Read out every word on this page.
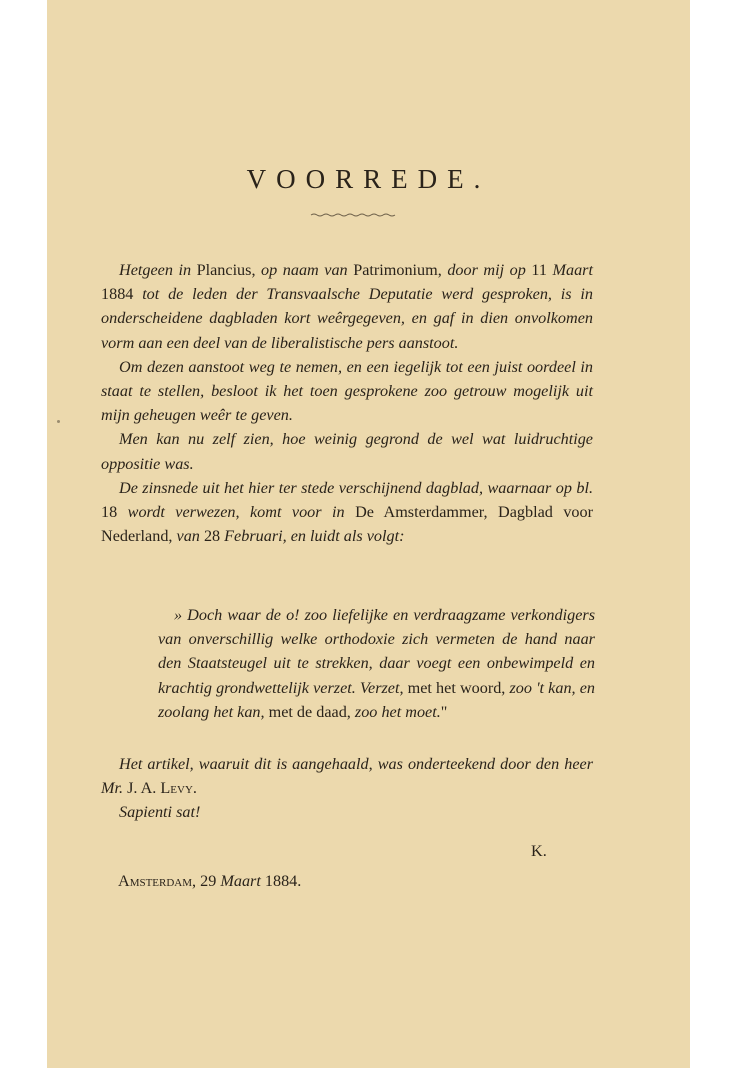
VOORREDE.

Hetgeen in Plancius, op naam van Patrimonium, door mij op 11 Maart 1884 tot de leden der Transvaalsche Deputatie werd gesproken, is in onderscheidene dagbladen kort weêrgegeven, en gaf in dien onvolkomen vorm aan een deel van de liberalistische pers aanstoot.

Om dezen aanstoot weg te nemen, en een iegelijk tot een juist oordeel in staat te stellen, besloot ik het toen gesprokene zoo getrouw mogelijk uit mijn geheugen weêr te geven.

Men kan nu zelf zien, hoe weinig gegrond de wel wat luidruchtige oppositie was.

De zinsnede uit het hier ter stede verschijnend dagblad, waarnaar op bl. 18 wordt verwezen, komt voor in De Amsterdammer, Dagblad voor Nederland, van 28 Februari, en luidt als volgt:

» Doch waar de o! zoo liefelijke en verdraagzame verkondigers van onverschillig welke orthodoxie zich vermeten de hand naar den Staatsteugel uit te strekken, daar voegt een onbewimpeld en krachtig grondwettelijk verzet. Verzet, met het woord, zoo 't kan, en zoolang het kan, met de daad, zoo het moet."

Het artikel, waaruit dit is aangehaald, was onderteekend door den heer Mr. J. A. Levy.

Sapienti sat!

K.
Amsterdam, 29 Maart 1884.
